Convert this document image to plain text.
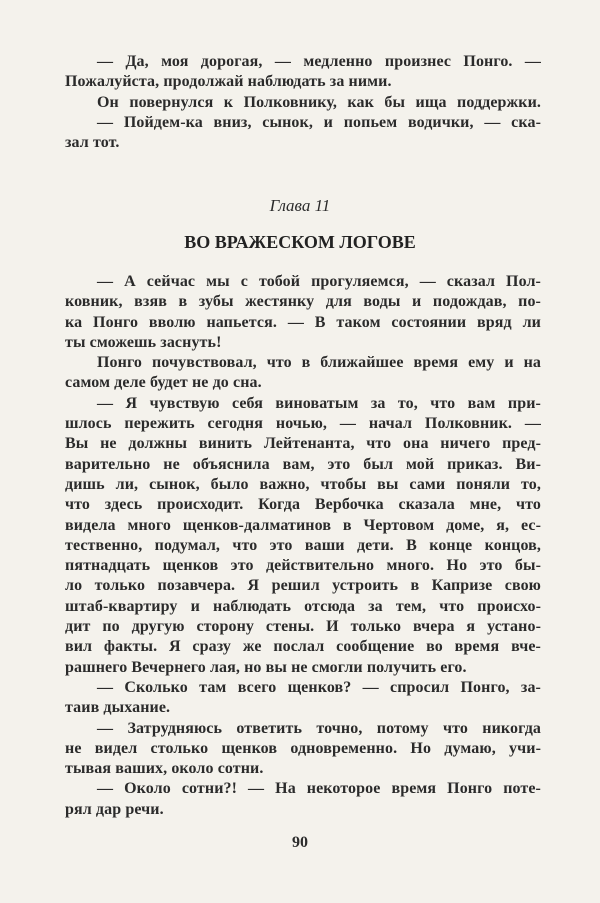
— Да, моя дорогая, — медленно произнес Понго. —
Пожалуйста, продолжай наблюдать за ними.
Он повернулся к Полковнику, как бы ища поддержки.
— Пойдем-ка вниз, сынок, и попьем водички, — ска-
зал тот.
Глава 11
ВО ВРАЖЕСКОМ ЛОГОВЕ
— А сейчас мы с тобой прогуляемся, — сказал Пол-
ковник, взяв в зубы жестянку для воды и подождав, по-
ка Понго вволю напьется. — В таком состоянии вряд ли
ты сможешь заснуть!
Понго почувствовал, что в ближайшее время ему и на
самом деле будет не до сна.
— Я чувствую себя виноватым за то, что вам при-
шлось пережить сегодня ночью, — начал Полковник. —
Вы не должны винить Лейтенанта, что она ничего пред-
варительно не объяснила вам, это был мой приказ. Ви-
дишь ли, сынок, было важно, чтобы вы сами поняли то,
что здесь происходит. Когда Вербочка сказала мне, что
видела много щенков-далматинов в Чертовом доме, я, ес-
тественно, подумал, что это ваши дети. В конце концов,
пятнадцать щенков это действительно много. Но это бы-
ло только позавчера. Я решил устроить в Капризе свою
штаб-квартиру и наблюдать отсюда за тем, что происхо-
дит по другую сторону стены. И только вчера я устано-
вил факты. Я сразу же послал сообщение во время вче-
рашнего Вечернего лая, но вы не смогли получить его.
— Сколько там всего щенков? — спросил Понго, за-
таив дыхание.
— Затрудняюсь ответить точно, потому что никогда
не видел столько щенков одновременно. Но думаю, учи-
тывая ваших, около сотни.
— Около сотни?! — На некоторое время Понго поте-
рял дар речи.
90
